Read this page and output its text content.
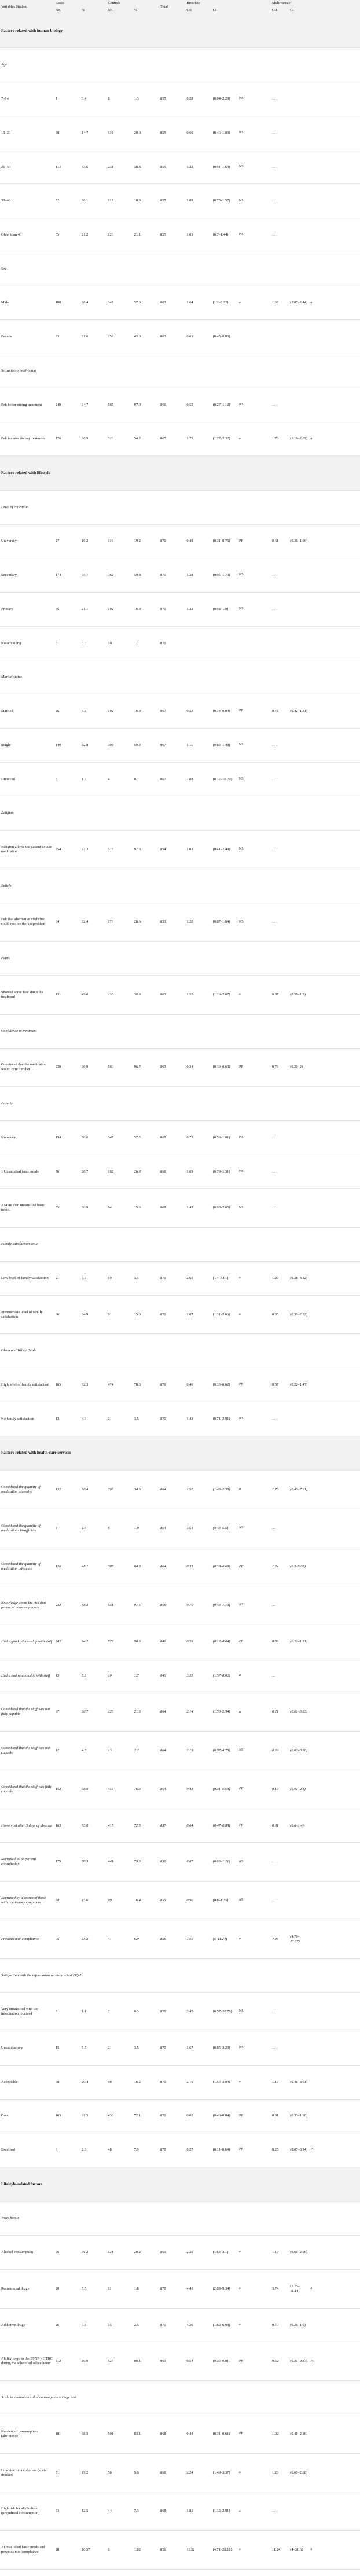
Variables Studied	Cases		Controls		Total	Bivariate			Multivariate		
	No.	%	No.	%		OR	CI		OR	CI	
Factors related with human biology											
Age											
7–14	1	0.4	8	1.3	855	0.28	(0.04–2.29)	NS	…		
15–20	38	14.7	119	20.0	855	0.60	(0.46–1.03)	NS	…		
21–30	113	43.6	231	38.8	855	1.22	(0.91–1.64)	NS	…		
30–40	52	20.1	112	18.8	855	1.09	(0.75–1.57)	NS	…		
Older than 40	55	21.2	126	21.1	855	1.01	(0.7–1.44)	NS	…		
Sex											
Male	180	68.4	342	57.0	863	1.64	(1.2–2.22)	a	1.62	(1.07–2.44)	a
Female	83	31.6	258	43.0	863	0.61	(0.45–0.83)				
Sensation of well-being											
Felt better during treatment	249	94.7	585	97.0	866	0.55	(0.27–1.12)	NS	…		
Felt malaise during treatment	176	66.9	326	54.2	865	1.71	(1.27–2.32)	a	1.76	(1.19–2.62)	a
Factors related with lifestyle											
Level of education											
University	27	10.2	116	19.2	870	0.48	(0.31–0.75)	PF	0.61	(0.36–1.06)	
Secondary	174	65.7	362	59.8	870	1.28	(0.95–1.73)	NS	…		
Primary	56	21.1	102	16.9	870	1.32	(0.92–1.9)	NS	…		
No schooling	0	0.0	10	1.7	870						
Marital status											
Married	26	9.8	102	16.9	867	0.53	(0.34–0.84)	PF	0.75	(0.42–1.31)	
Single	140	52.8	303	50.3	867	1.11	(0.83–1.48)	NS	…		
Divorced	5	1.9	4	0.7	867	2.88	(0.77–10.79)	NS	…		
Religion											
Religion allows the patient to take medication	254	97.3	577	97.3	854	1.01	(0.41–2.48)	NS	…		
Beliefs											
Felt that alternative medicine could resolve the TB problem	84	32.4	170	28.6	853	1.20	(0.87–1.64)	NS	…		
Fears											
Showed some fear about the treatment	131	49.6	233	38.8	863	1.55	(1.16–2.07)	a	0.87	(0.58–1.3)	
Confidence in treatment											
Convinced that the medication would cure him/her	239	90.9	580	96.7	863	0.34	(0.19–0.63)	PF	0.76	(0.29–2)	
Poverty											
Non-poor	134	50.6	347	57.5	868	0.75	(0.56–1.01)	NS	…		
1 Unsatisfied basic needs	76	28.7	162	26.9	868	1.09	(0.79–1.51)	NS	…		
2 More than unsatisfied basic needs.	55	20.8	94	15.6	868	1.42	(0.98–2.05)	NS	…		
Family satisfaction scale											
Low level of family satisfaction	21	7.9	19	3.1	870	2.65	(1.4–5.01)	a	1.29	(0.38–4.32)	
Intermediate level of family satisfaction	66	24.9	91	15.0	870	1.87	(1.31–2.66)	a	0.85	(0.31–2.32)	
Olson and Wilson Scale											
High level of family satisfaction	165	62.3	474	78.3	870	0.46	(0.33–0.62)	PF	0.57	(0.22–1.47)	
No family satisfaction	13	4.9	21	3.5	870	1.43	(0.71–2.91)	NS	…		
Factors related with health-care services											
Considered the quantity of medication excessive	132	50.4	206	34.6	864	1.92	(1.43–2.58)	a	1.76	(0.43–7.21)	
Considered the quantity of medications insufficient	4	1.5	6	1.0	864	1.54	(0.43–5.5)	NS	…		
Considered the quantity of medication adequate	126	48.1	387	64.3	864	0.51	(0.38–0.69)	PF	1.24	(0.3–5.05)	
Knowledge about the risk that produces non-compliance	233	88.3	551	91.5	866	0.70	(0.43–1.13)	NS	…		
Had a good relationship with staff	242	94.2	573	98.3	840	0.28	(0.12–0.64)	PF	0.59	(0.21–1.71)	
Had a bad relationship with staff	15	5.8	10	1.7	840	3.55	(1.57–8.02)	a	…		
Considered that the staff was not fully capable	97	36.7	128	21.3	864	2.14	(1.56–2.94)	a	0.21	(0.01–3.83)	
Considered that the staff was not capable	12	4.5	13	2.2	864	2.15	(0.97–4.78)	NS	0.39	(0.02–8.88)	
Considered that the staff was fully capable	153	58.0	458	76.3	864	0.43	(0.31–0.58)	PF	0.13	(0.01–2.4)	
Home visit after 3 days of absence	165	63.0	417	72.5	837	0.64	(0.47–0.88)	PF	0.91	(0.6–1.4)	
Recruited by outpatient consultation	179	70.5	441	73.3	856	0.87	(0.63–1.21)	NS	…		
Recruited by a search of those with respiratory symptoms	38	15.0	99	16.4	855	0.90	(0.6–1.35)	NS	…		
Previous non-compliance	95	35.8	41	6.9	856	7.50	(5–11.24)	a	7.95	(4.76–13.27)	
Satisfaction with the information received – test ISQ-I											
Very unsatisfied with the information received	3	1.1	2	0.3	870	3.45	(0.57–20.78)	NS	…		
Unsatisfactory	15	5.7	21	3.5	870	1.67	(0.85–3.29)	NS	…		
Acceptable	78	29.4	98	16.2	870	2.16	(1.53–3.04)	a	1.17	(0.46–3.01)	
Good	163	61.5	436	72.1	870	0.62	(0.46–0.84)	PF	0.81	(0.33–1.98)	
Excellent	6	2.3	48	7.9	870	0.27	(0.11–0.64)	PF	0.25	(0.07–0.94)	PF
Lifestyle-related factors											
Toxic habits											
Alcohol consumption	96	36.2	121	20.2	865	2.25	(1.63–3.1)	a	1.17	(0.66–2.06)	
Recreational drugs	20	7.5	11	1.8	870	4.41	(2.08–9.34)	a	3.74	(1.25–11.14)	a
Addictive drugs	26	9.8	15	2.5	870	4.26	(1.82–6.98)	a	0.70	(0.26–1.9)	
Ability to go to the ESNP y CTBC during the scheduled office hours	212	80.0	527	88.1	863	0.54	(0.36–0.8)	PF	0.52	(0.31–0.87)	PF
Scale to evaluate alcohol consumption – Cage test											
No alcohol consumption (abstinence)	181	68.3	501	83.1	868	0.44	(0.31–0.61)	PF	1.02	(0.48–2.16)	
Low risk for alcoholism (social drinker)	51	19.2	58	9.6	868	2.24	(1.49–3.37)	a	1.28	(0.61–2.68)	
High risk for alcoholism (prejudicial consumption)	33	12.5	44	7.3	868	1.81	(1.12–2.91)	a	…		
2 Unsatisfied basic needs and previous non-compliance	28	10.57	6	1.02	856	11.52	(4.71–28.18)	a	11.24	(4–31.62)	a
